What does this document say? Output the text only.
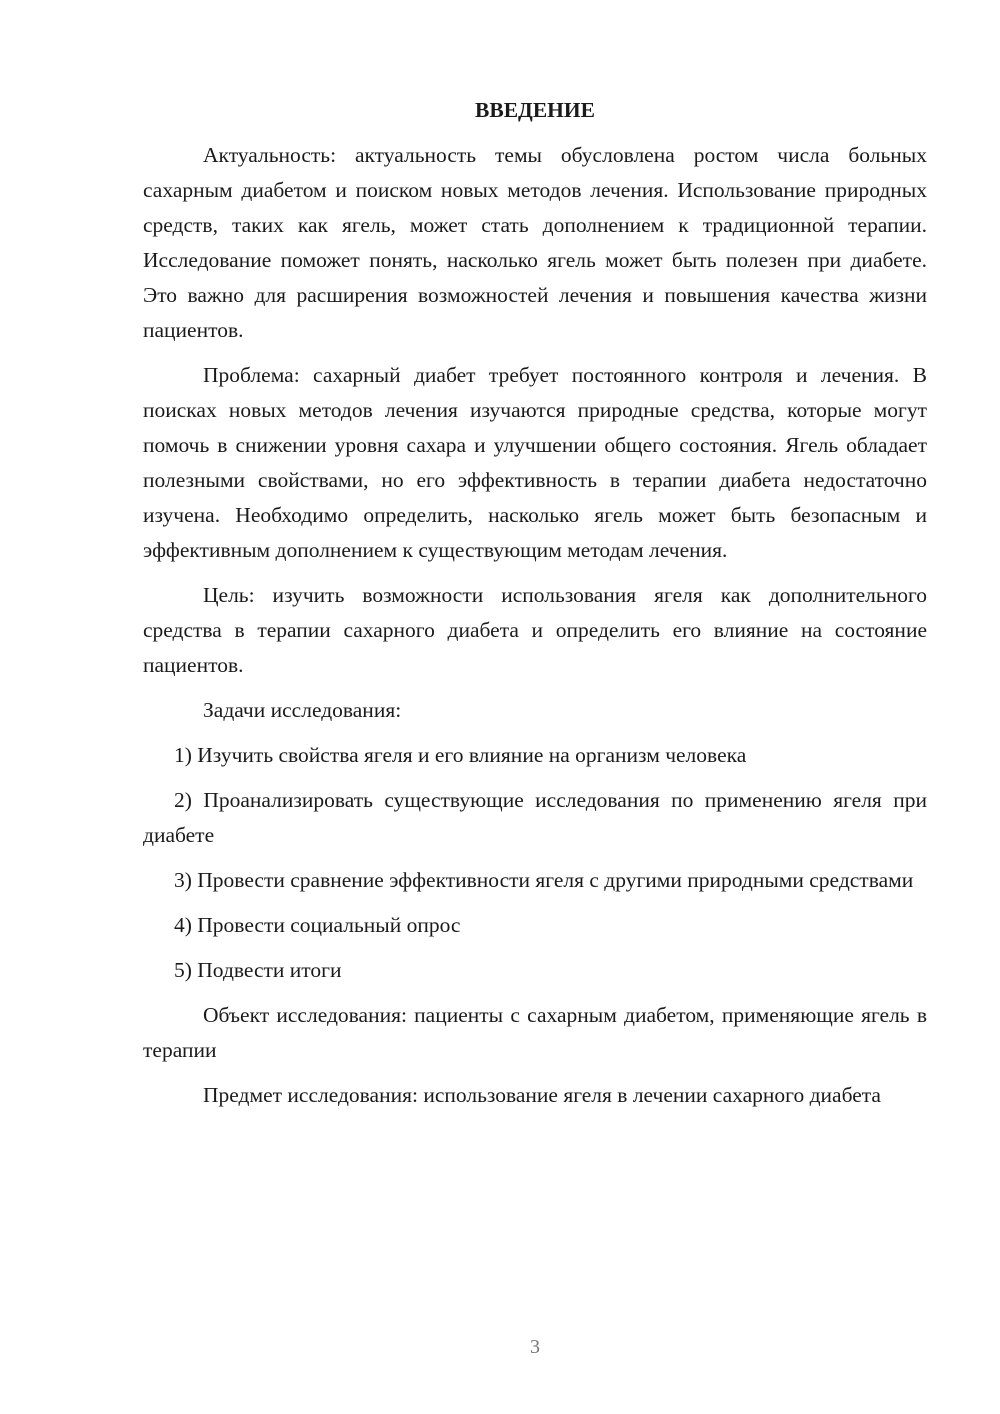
ВВЕДЕНИЕ

Актуальность: актуальность темы обусловлена ростом числа больных сахарным диабетом и поиском новых методов лечения. Использование природных средств, таких как ягель, может стать дополнением к традиционной терапии. Исследование поможет понять, насколько ягель может быть полезен при диабете. Это важно для расширения возможностей лечения и повышения качества жизни пациентов.

Проблема: сахарный диабет требует постоянного контроля и лечения. В поисках новых методов лечения изучаются природные средства, которые могут помочь в снижении уровня сахара и улучшении общего состояния. Ягель обладает полезными свойствами, но его эффективность в терапии диабета недостаточно изучена. Необходимо определить, насколько ягель может быть безопасным и эффективным дополнением к существующим методам лечения.

Цель: изучить возможности использования ягеля как дополнительного средства в терапии сахарного диабета и определить его влияние на состояние пациентов.

Задачи исследования:

1) Изучить свойства ягеля и его влияние на организм человека

2) Проанализировать существующие исследования по применению ягеля при диабете

3) Провести сравнение эффективности ягеля с другими природными средствами

4) Провести социальный опрос

5) Подвести итоги

Объект исследования: пациенты с сахарным диабетом, применяющие ягель в терапии

Предмет исследования: использование ягеля в лечении сахарного диабета

3
